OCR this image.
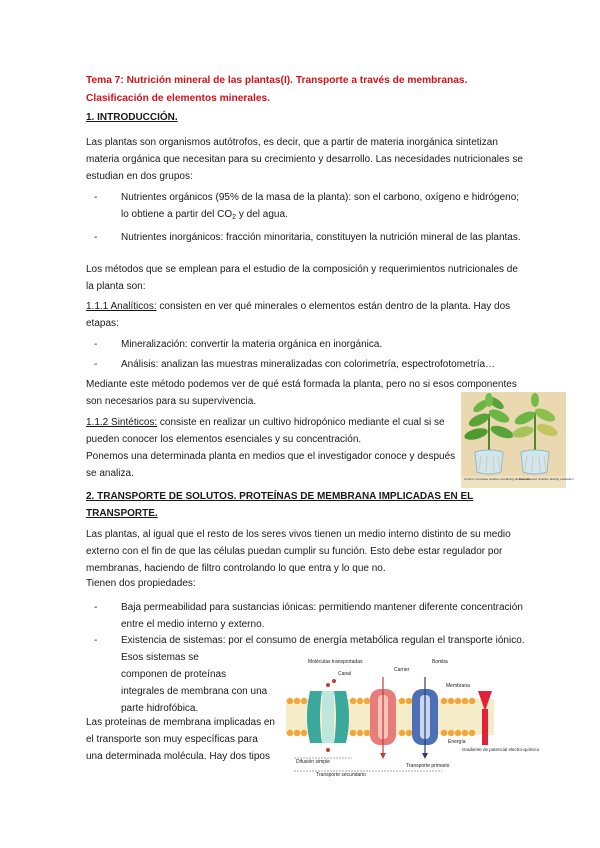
Tema 7: Nutrición mineral de las plantas(I). Transporte a través de membranas. Clasificación de elementos minerales.

1. INTRODUCCIÓN.

Las plantas son organismos autótrofos, es decir, que a partir de materia inorgánica sintetizan materia orgánica que necesitan para su crecimiento y desarrollo. Las necesidades nutricionales se estudian en dos grupos:

- Nutrientes orgánicos (95% de la masa de la planta): son el carbono, oxígeno e hidrógeno; lo obtiene a partir del $CO_2$ y del agua.
- Nutrientes inorgánicos: fracción minoritaria, constituyen la nutrición mineral de las plantas.

Los métodos que se emplean para el estudio de la composición y requerimientos nutricionales de la planta son:

1.1.1 Analíticos: consisten en ver qué minerales o elementos están dentro de la planta. Hay dos etapas:

- Mineralización: convertir la materia orgánica en inorgánica.
- Análisis: analizan las muestras mineralizadas con colorimetría, espectrofotometría…

Mediante este método podemos ver de qué está formada la planta, pero no si esos componentes son necesarios para su supervivencia.

1.1.2 Sintéticos: consiste en realizar un cultivo hidropónico mediante el cual si se pueden conocer los elementos esenciales y su concentración.

Ponemos una determinada planta en medios que el investigador conoce y después se analiza.	Control: Complete solution containing all minerals
Experimental: Solution lacking potassium

2. TRANSPORTE DE SOLUTOS. PROTEÍNAS DE MEMBRANA IMPLICADAS EN EL TRANSPORTE.

Las plantas, al igual que el resto de los seres vivos tienen un medio interno distinto de su medio externo con el fin de que las células puedan cumplir su función. Esto debe estar regulador por membranas, haciendo de filtro controlando lo que entra y lo que no.

Tienen dos propiedades:

- Baja permeabilidad para sustancias iónicas: permitiendo mantener diferente concentración entre el medio interno y externo.

- Existencia de sistemas: por el consumo de energía metabólica regulan el transporte iónico. Esos sistemas se

componen de proteínas integrales de membrana con una parte hidrofóbica.

Las proteínas de membrana implicadas en el transporte son muy específicas para una determinada molécula. Hay dos tipos

Moléculas transportadas
Canal
Carrier
Bomba
Membrana
Energía
Gradiente de potencial electro-químico
Difusión simple
Transporte primario
Transporte secundario
